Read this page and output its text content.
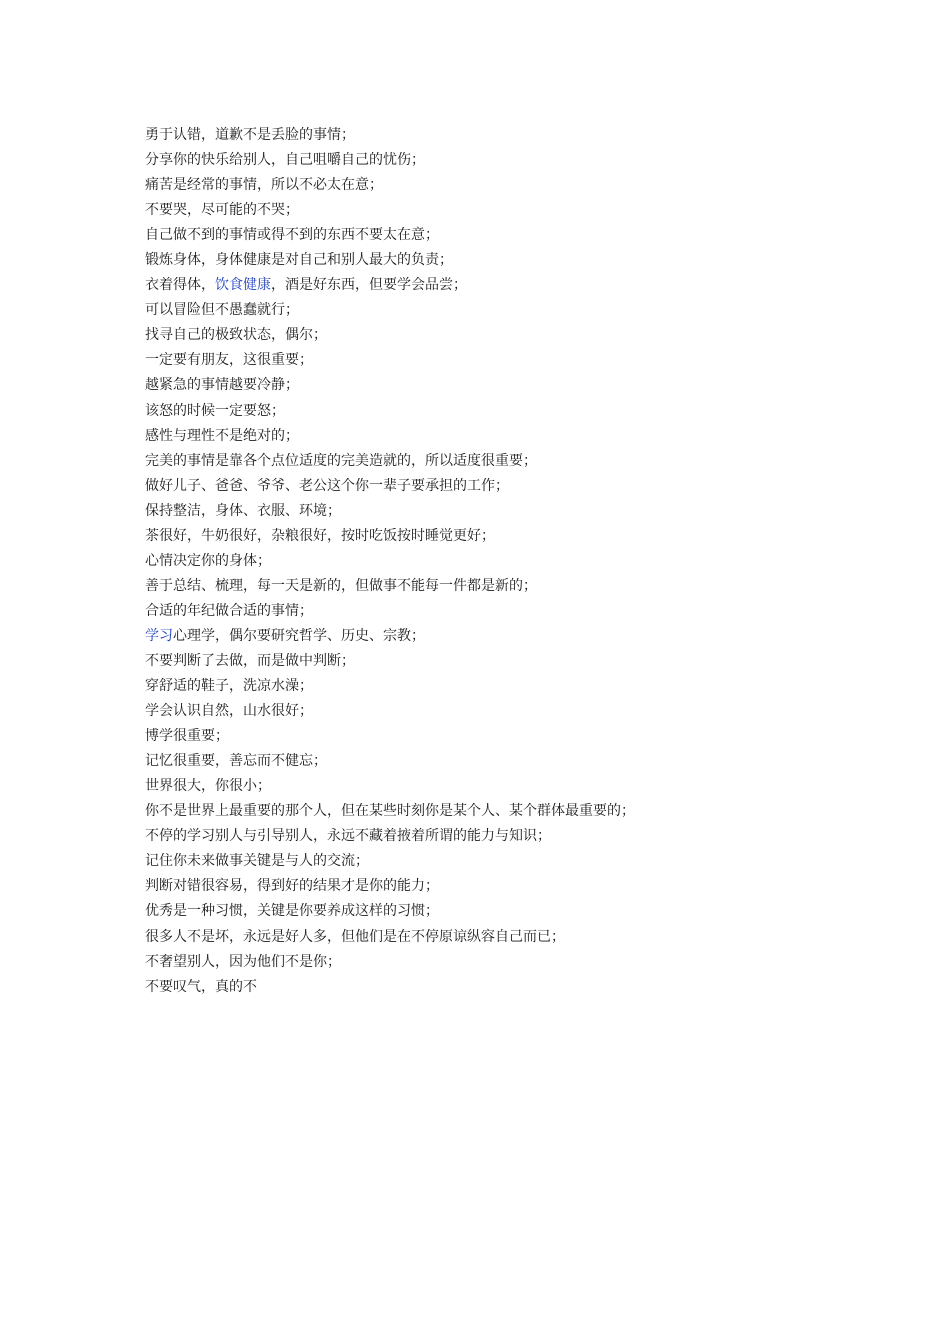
勇于认错，道歉不是丢脸的事情；
分享你的快乐给别人，自己咀嚼自己的忧伤；
痛苦是经常的事情，所以不必太在意；
不要哭，尽可能的不哭；
自己做不到的事情或得不到的东西不要太在意；
锻炼身体，身体健康是对自己和别人最大的负责；
衣着得体，饮食健康，酒是好东西，但要学会品尝；
可以冒险但不愚蠢就行；
找寻自己的极致状态，偶尔；
一定要有朋友，这很重要；
越紧急的事情越要冷静；
该怒的时候一定要怒；
感性与理性不是绝对的；
完美的事情是靠各个点位适度的完美造就的，所以适度很重要；
做好儿子、爸爸、爷爷、老公这个你一辈子要承担的工作；
保持整洁，身体、衣服、环境；
茶很好，牛奶很好，杂粮很好，按时吃饭按时睡觉更好；
心情决定你的身体；
善于总结、梳理，每一天是新的，但做事不能每一件都是新的；
合适的年纪做合适的事情；
学习心理学，偶尔要研究哲学、历史、宗教；
不要判断了去做，而是做中判断；
穿舒适的鞋子，洗凉水澡；
学会认识自然，山水很好；
博学很重要；
记忆很重要，善忘而不健忘；
世界很大，你很小；
你不是世界上最重要的那个人，但在某些时刻你是某个人、某个群体最重要的；
不停的学习别人与引导别人，永远不藏着掖着所谓的能力与知识；
记住你未来做事关键是与人的交流；
判断对错很容易，得到好的结果才是你的能力；
优秀是一种习惯，关键是你要养成这样的习惯；
很多人不是坏，永远是好人多，但他们是在不停原谅纵容自己而已；
不奢望别人，因为他们不是你；
不要叹气，真的不
